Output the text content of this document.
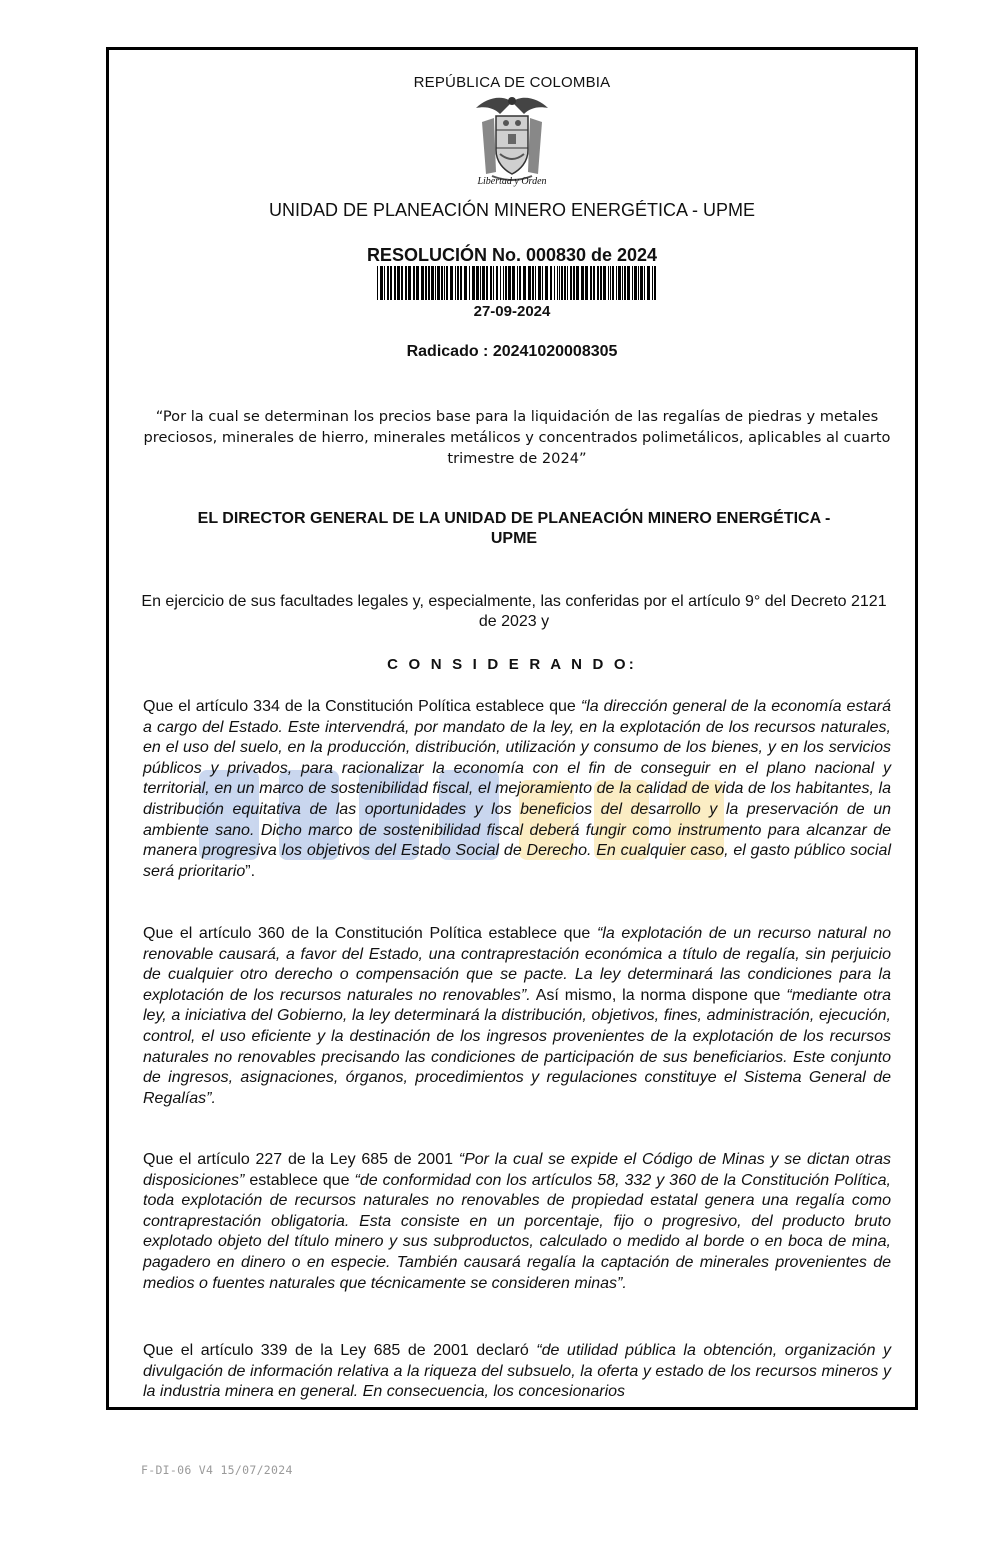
REPÚBLICA DE COLOMBIA
Libertad y Orden
UNIDAD DE PLANEACIÓN MINERO ENERGÉTICA - UPME
RESOLUCIÓN No. 000830 de 2024
27-09-2024
Radicado : 20241020008305
“Por la cual se determinan los precios base para la liquidación de las regalías de piedras y metales preciosos, minerales de hierro, minerales metálicos y concentrados polimetálicos, aplicables al cuarto trimestre de 2024”
EL DIRECTOR GENERAL DE LA UNIDAD DE PLANEACIÓN MINERO ENERGÉTICA - UPME
En ejercicio de sus facultades legales y, especialmente, las conferidas por el artículo 9° del Decreto 2121 de 2023 y
C O N S I D E R A N D O:
Que el artículo 334 de la Constitución Política establece que “la dirección general de la economía estará a cargo del Estado. Este intervendrá, por mandato de la ley, en la explotación de los recursos naturales, en el uso del suelo, en la producción, distribución, utilización y consumo de los bienes, y en los servicios públicos y privados, para racionalizar la economía con el fin de conseguir en el plano nacional y territorial, en un marco de sostenibilidad fiscal, el mejoramiento de la calidad de vida de los habitantes, la distribución equitativa de las oportunidades y los beneficios del desarrollo y la preservación de un ambiente sano. Dicho marco de sostenibilidad fiscal deberá fungir como instrumento para alcanzar de manera progresiva los objetivos del Estado Social de Derecho. En cualquier caso, el gasto público social será prioritario”.
Que el artículo 360 de la Constitución Política establece que “la explotación de un recurso natural no renovable causará, a favor del Estado, una contraprestación económica a título de regalía, sin perjuicio de cualquier otro derecho o compensación que se pacte. La ley determinará las condiciones para la explotación de los recursos naturales no renovables”. Así mismo, la norma dispone que “mediante otra ley, a iniciativa del Gobierno, la ley determinará la distribución, objetivos, fines, administración, ejecución, control, el uso eficiente y la destinación de los ingresos provenientes de la explotación de los recursos naturales no renovables precisando las condiciones de participación de sus beneficiarios. Este conjunto de ingresos, asignaciones, órganos, procedimientos y regulaciones constituye el Sistema General de Regalías”.
Que el artículo 227 de la Ley 685 de 2001 “Por la cual se expide el Código de Minas y se dictan otras disposiciones” establece que “de conformidad con los artículos 58, 332 y 360 de la Constitución Política, toda explotación de recursos naturales no renovables de propiedad estatal genera una regalía como contraprestación obligatoria. Esta consiste en un porcentaje, fijo o progresivo, del producto bruto explotado objeto del título minero y sus subproductos, calculado o medido al borde o en boca de mina, pagadero en dinero o en especie. También causará regalía la captación de minerales provenientes de medios o fuentes naturales que técnicamente se consideren minas”.
Que el artículo 339 de la Ley 685 de 2001 declaró “de utilidad pública la obtención, organización y divulgación de información relativa a la riqueza del subsuelo, la oferta y estado de los recursos mineros y la industria minera en general. En consecuencia, los concesionarios
F-DI-06 V4 15/07/2024
